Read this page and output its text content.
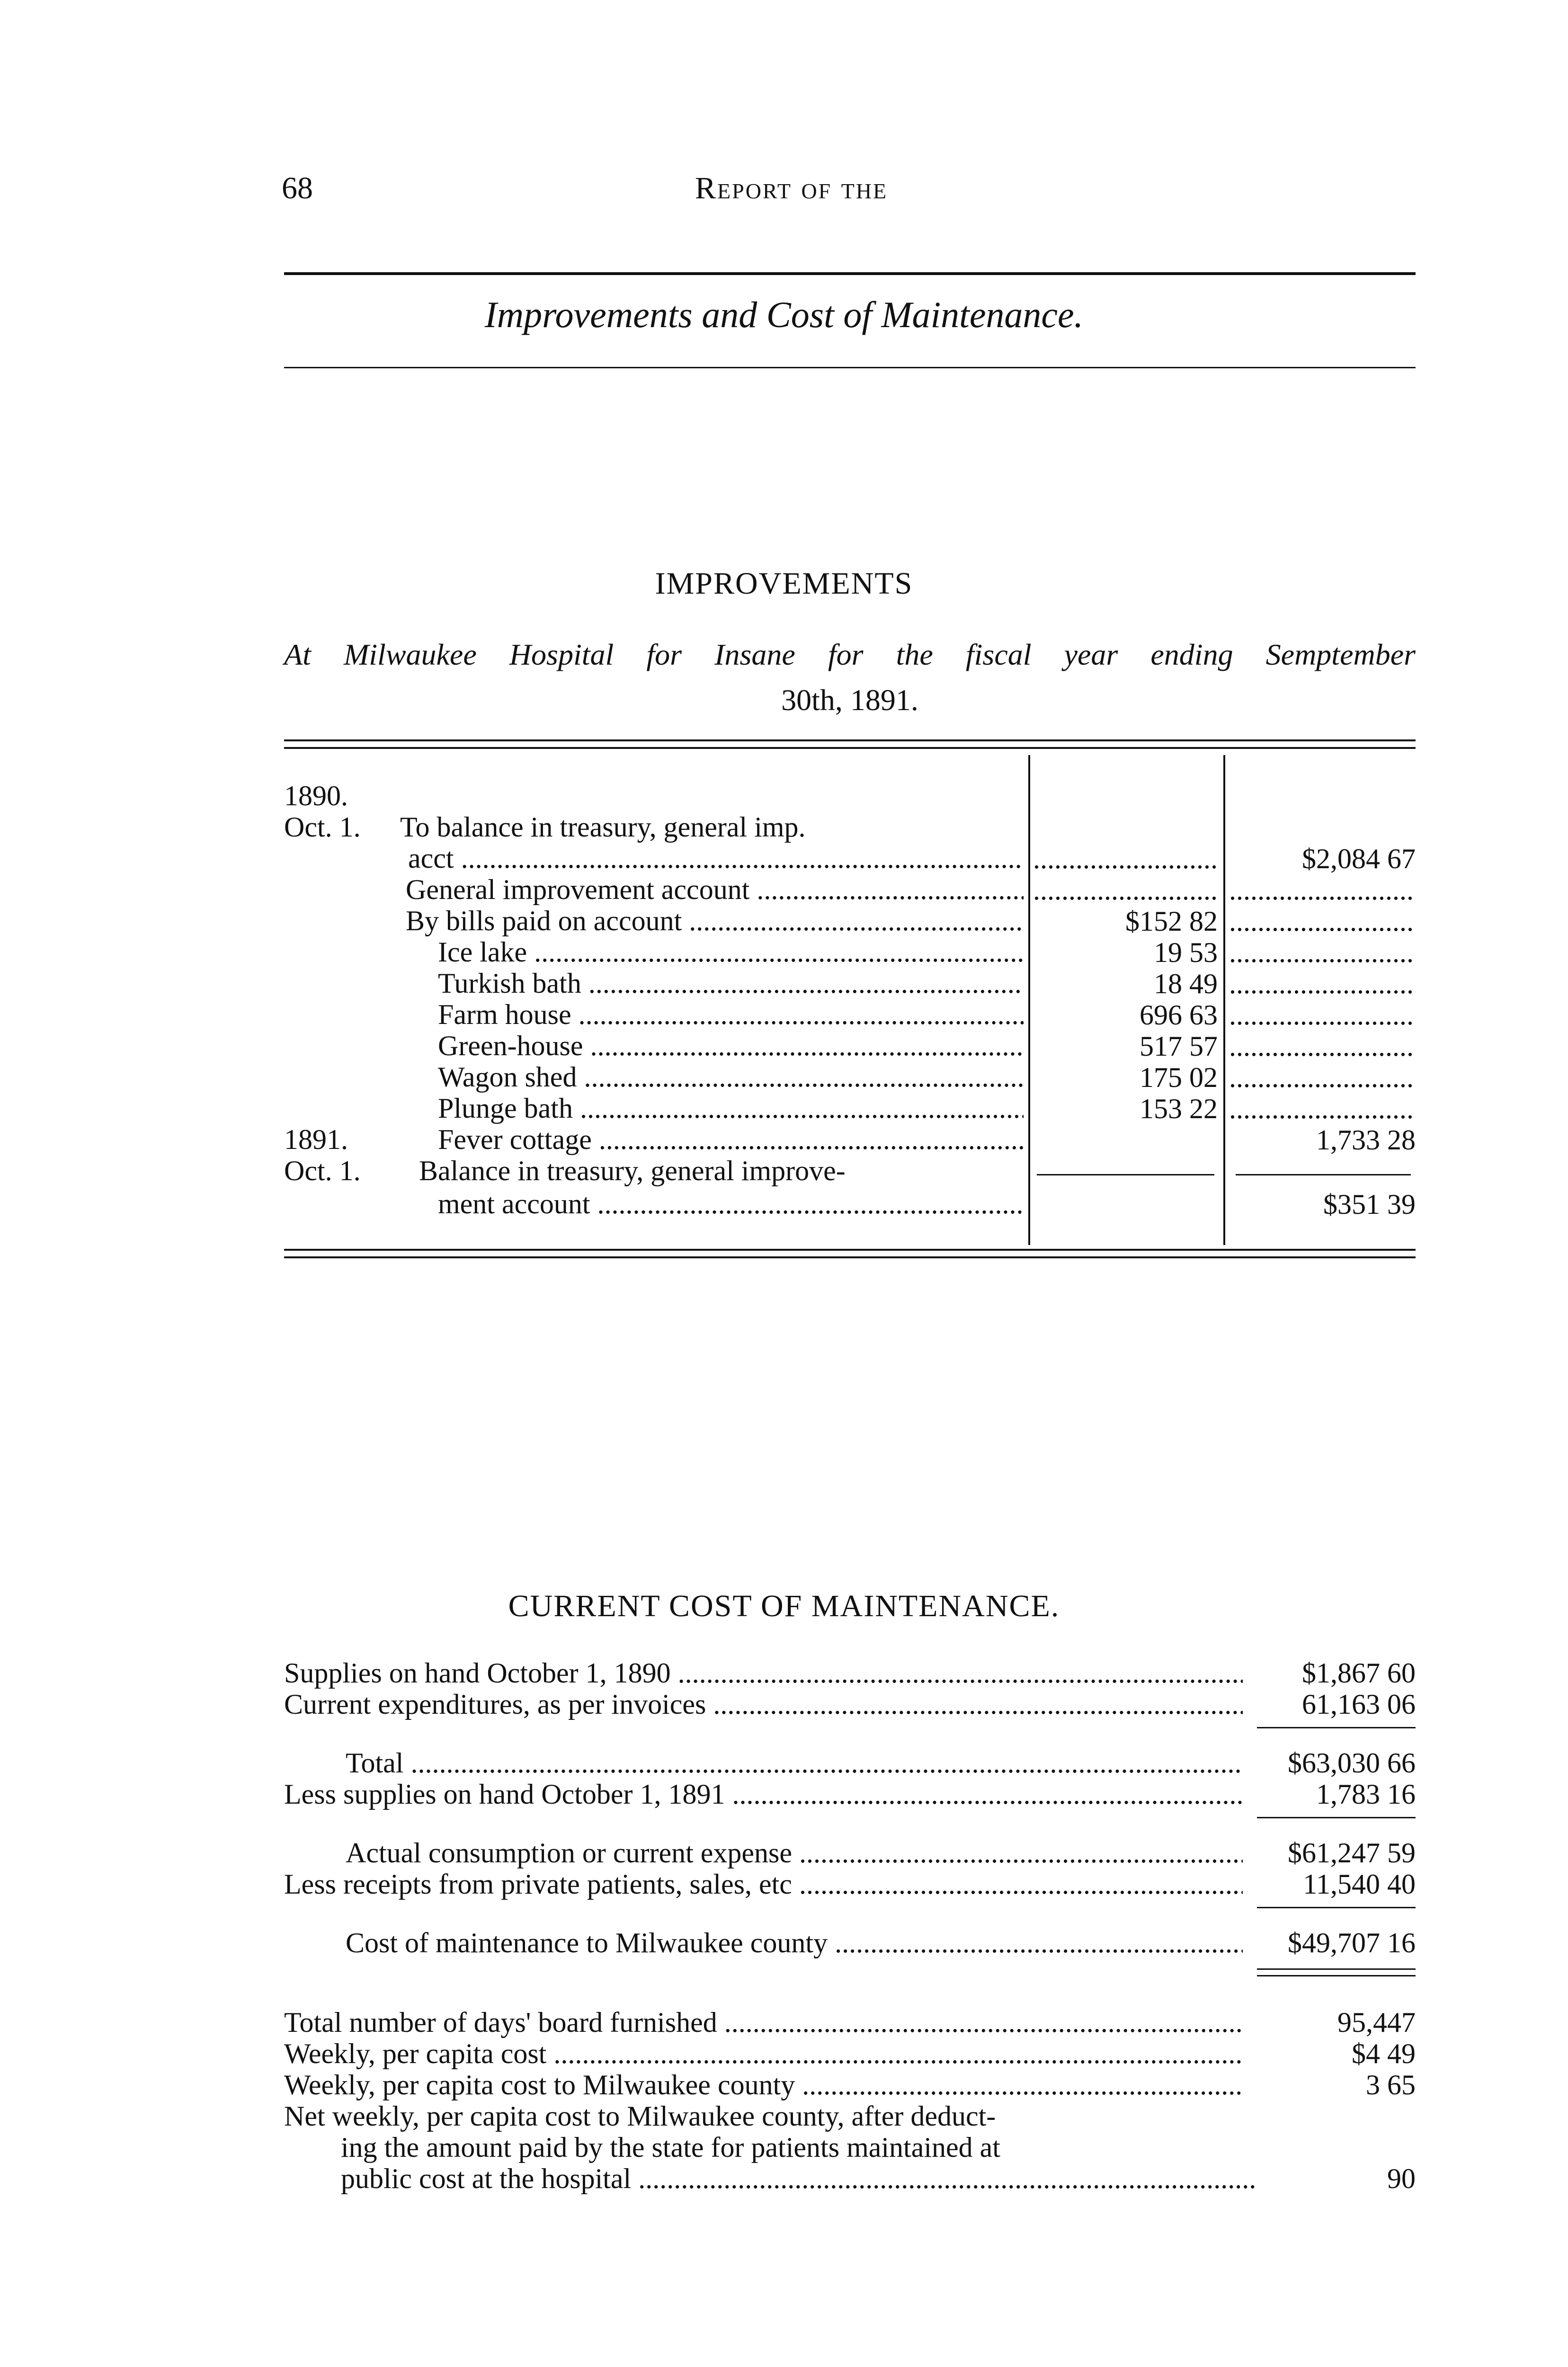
68	Report of the
Improvements and Cost of Maintenance.
IMPROVEMENTS
At Milwaukee Hospital for Insane for the fiscal year ending Semptember
30th, 1891.
1890.
Oct. 1. To balance in treasury, general imp.
acct .....
.....	$2,084 67
General improvement account .....
.....
.....
By bills paid on account .....	$152 82
.....
Ice lake .....	19 53
.....
Turkish bath .....	18 49
.....
Farm house .....	696 63
.....
Green-house .....	517 57
.....
Wagon shed .....	175 02
.....
Plunge bath .....	153 22
.....
1891.	Fever cottage .....	1,733 28
Oct. 1. Balance in treasury, general improve-
ment account .....	$351 39
CURRENT COST OF MAINTENANCE.
Supplies on hand October 1, 1890 .....	$1,867 60
Current expenditures, as per invoices .....	61,163 06
Total .....	$63,030 66
Less supplies on hand October 1, 1891 .....	1,783 16
Actual consumption or current expense .....	$61,247 59
Less receipts from private patients, sales, etc .....	11,540 40
Cost of maintenance to Milwaukee county .....	$49,707 16
Total number of days' board furnished .....	95,447
Weekly, per capita cost .....	$4 49
Weekly, per capita cost to Milwaukee county .....	3 65
Net weekly, per capita cost to Milwaukee county, after deduct-
ing the amount paid by the state for patients maintained at
public cost at the hospital .....	90
